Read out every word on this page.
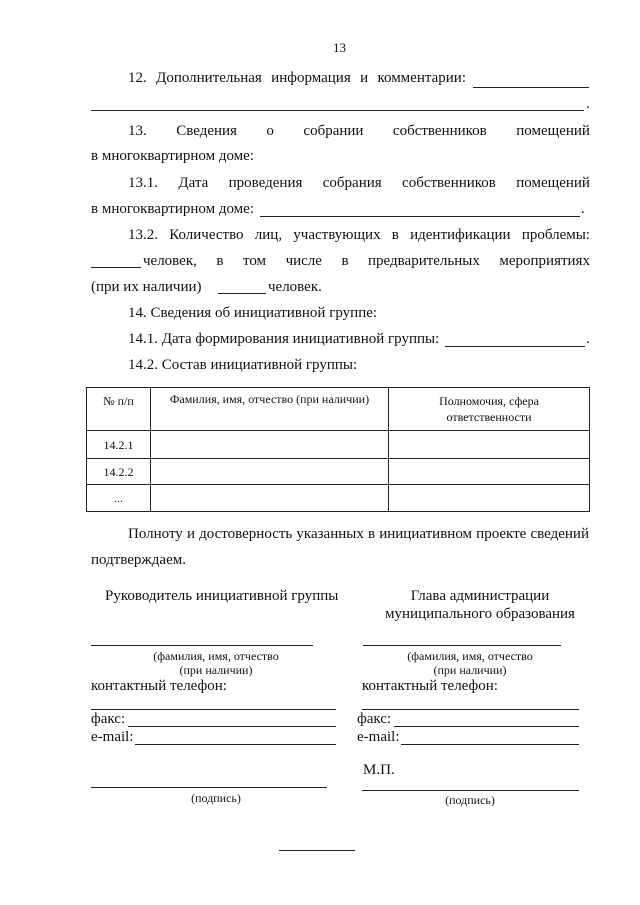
13
12. Дополнительная информация и комментарии:
.
13. Сведения о собрании собственников помещений
в многоквартирном доме:
13.1. Дата проведения собрания собственников помещений
в многоквартирном доме:	.
13.2. Количество лиц, участвующих в идентификации проблемы:
человек, в том числе в предварительных мероприятиях
(при их наличии)	человек.
14. Сведения об инициативной группе:
14.1. Дата формирования инициативной группы:	.
14.2. Состав инициативной группы:
№ п/п	Фамилия, имя, отчество (при наличии)	Полномочия, сфера ответственности
14.2.1		
14.2.2		
...		
Полноту и достоверность указанных в инициативном проекте сведений
подтверждаем.
Руководитель инициативной группы
(фамилия, имя, отчество
(при наличии)
контактный телефон:
факс:
e-mail:
(подпись)
Глава администрации
муниципального образования
(фамилия, имя, отчество
(при наличии)
контактный телефон:
факс:
e-mail:
М.П.
(подпись)
